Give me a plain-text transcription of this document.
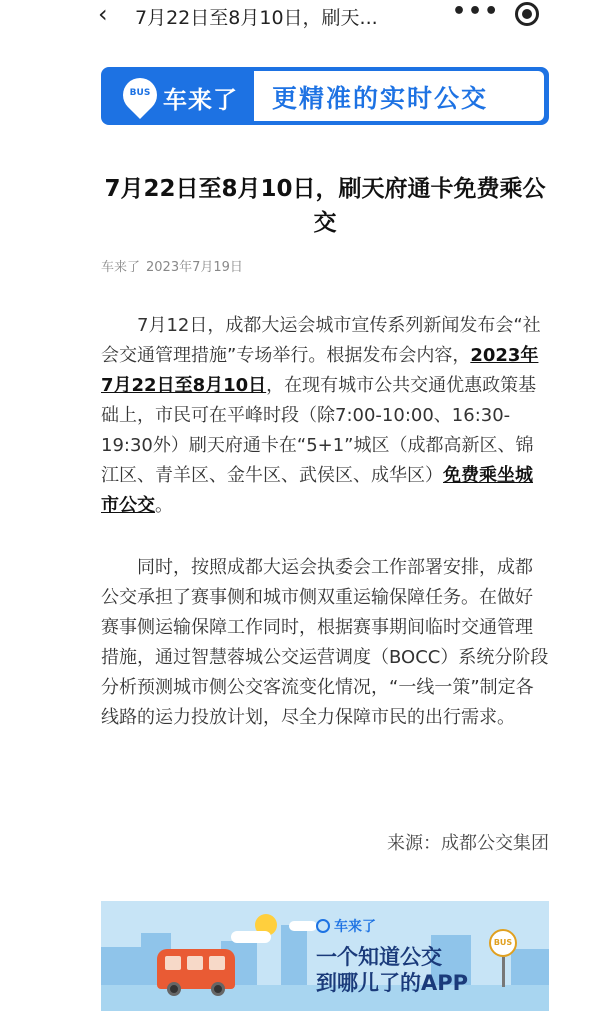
‹ 7月22日至8月10日，刷天...	•••
BUS 车来了 更精准的实时公交
7月22日至8月10日，刷天府通卡免费乘公交
车来了 2023年7月19日

7月12日，成都大运会城市宣传系列新闻发布会“社会交通管理措施”专场举行。根据发布会内容，2023年7月22日至8月10日，在现有城市公共交通优惠政策基础上，市民可在平峰时段（除7:00-10:00、16:30-19:30外）刷天府通卡在“5+1”城区（成都高新区、锦江区、青羊区、金牛区、武侯区、成华区）免费乘坐城市公交。

同时，按照成都大运会执委会工作部署安排，成都公交承担了赛事侧和城市侧双重运输保障任务。在做好赛事侧运输保障工作同时，根据赛事期间临时交通管理措施，通过智慧蓉城公交运营调度（BOCC）系统分阶段分析预测城市侧公交客流变化情况，“一线一策”制定各线路的运力投放计划，尽全力保障市民的出行需求。

来源：成都公交集团
车来了
一个知道公交
到哪儿了的APP
BUS
